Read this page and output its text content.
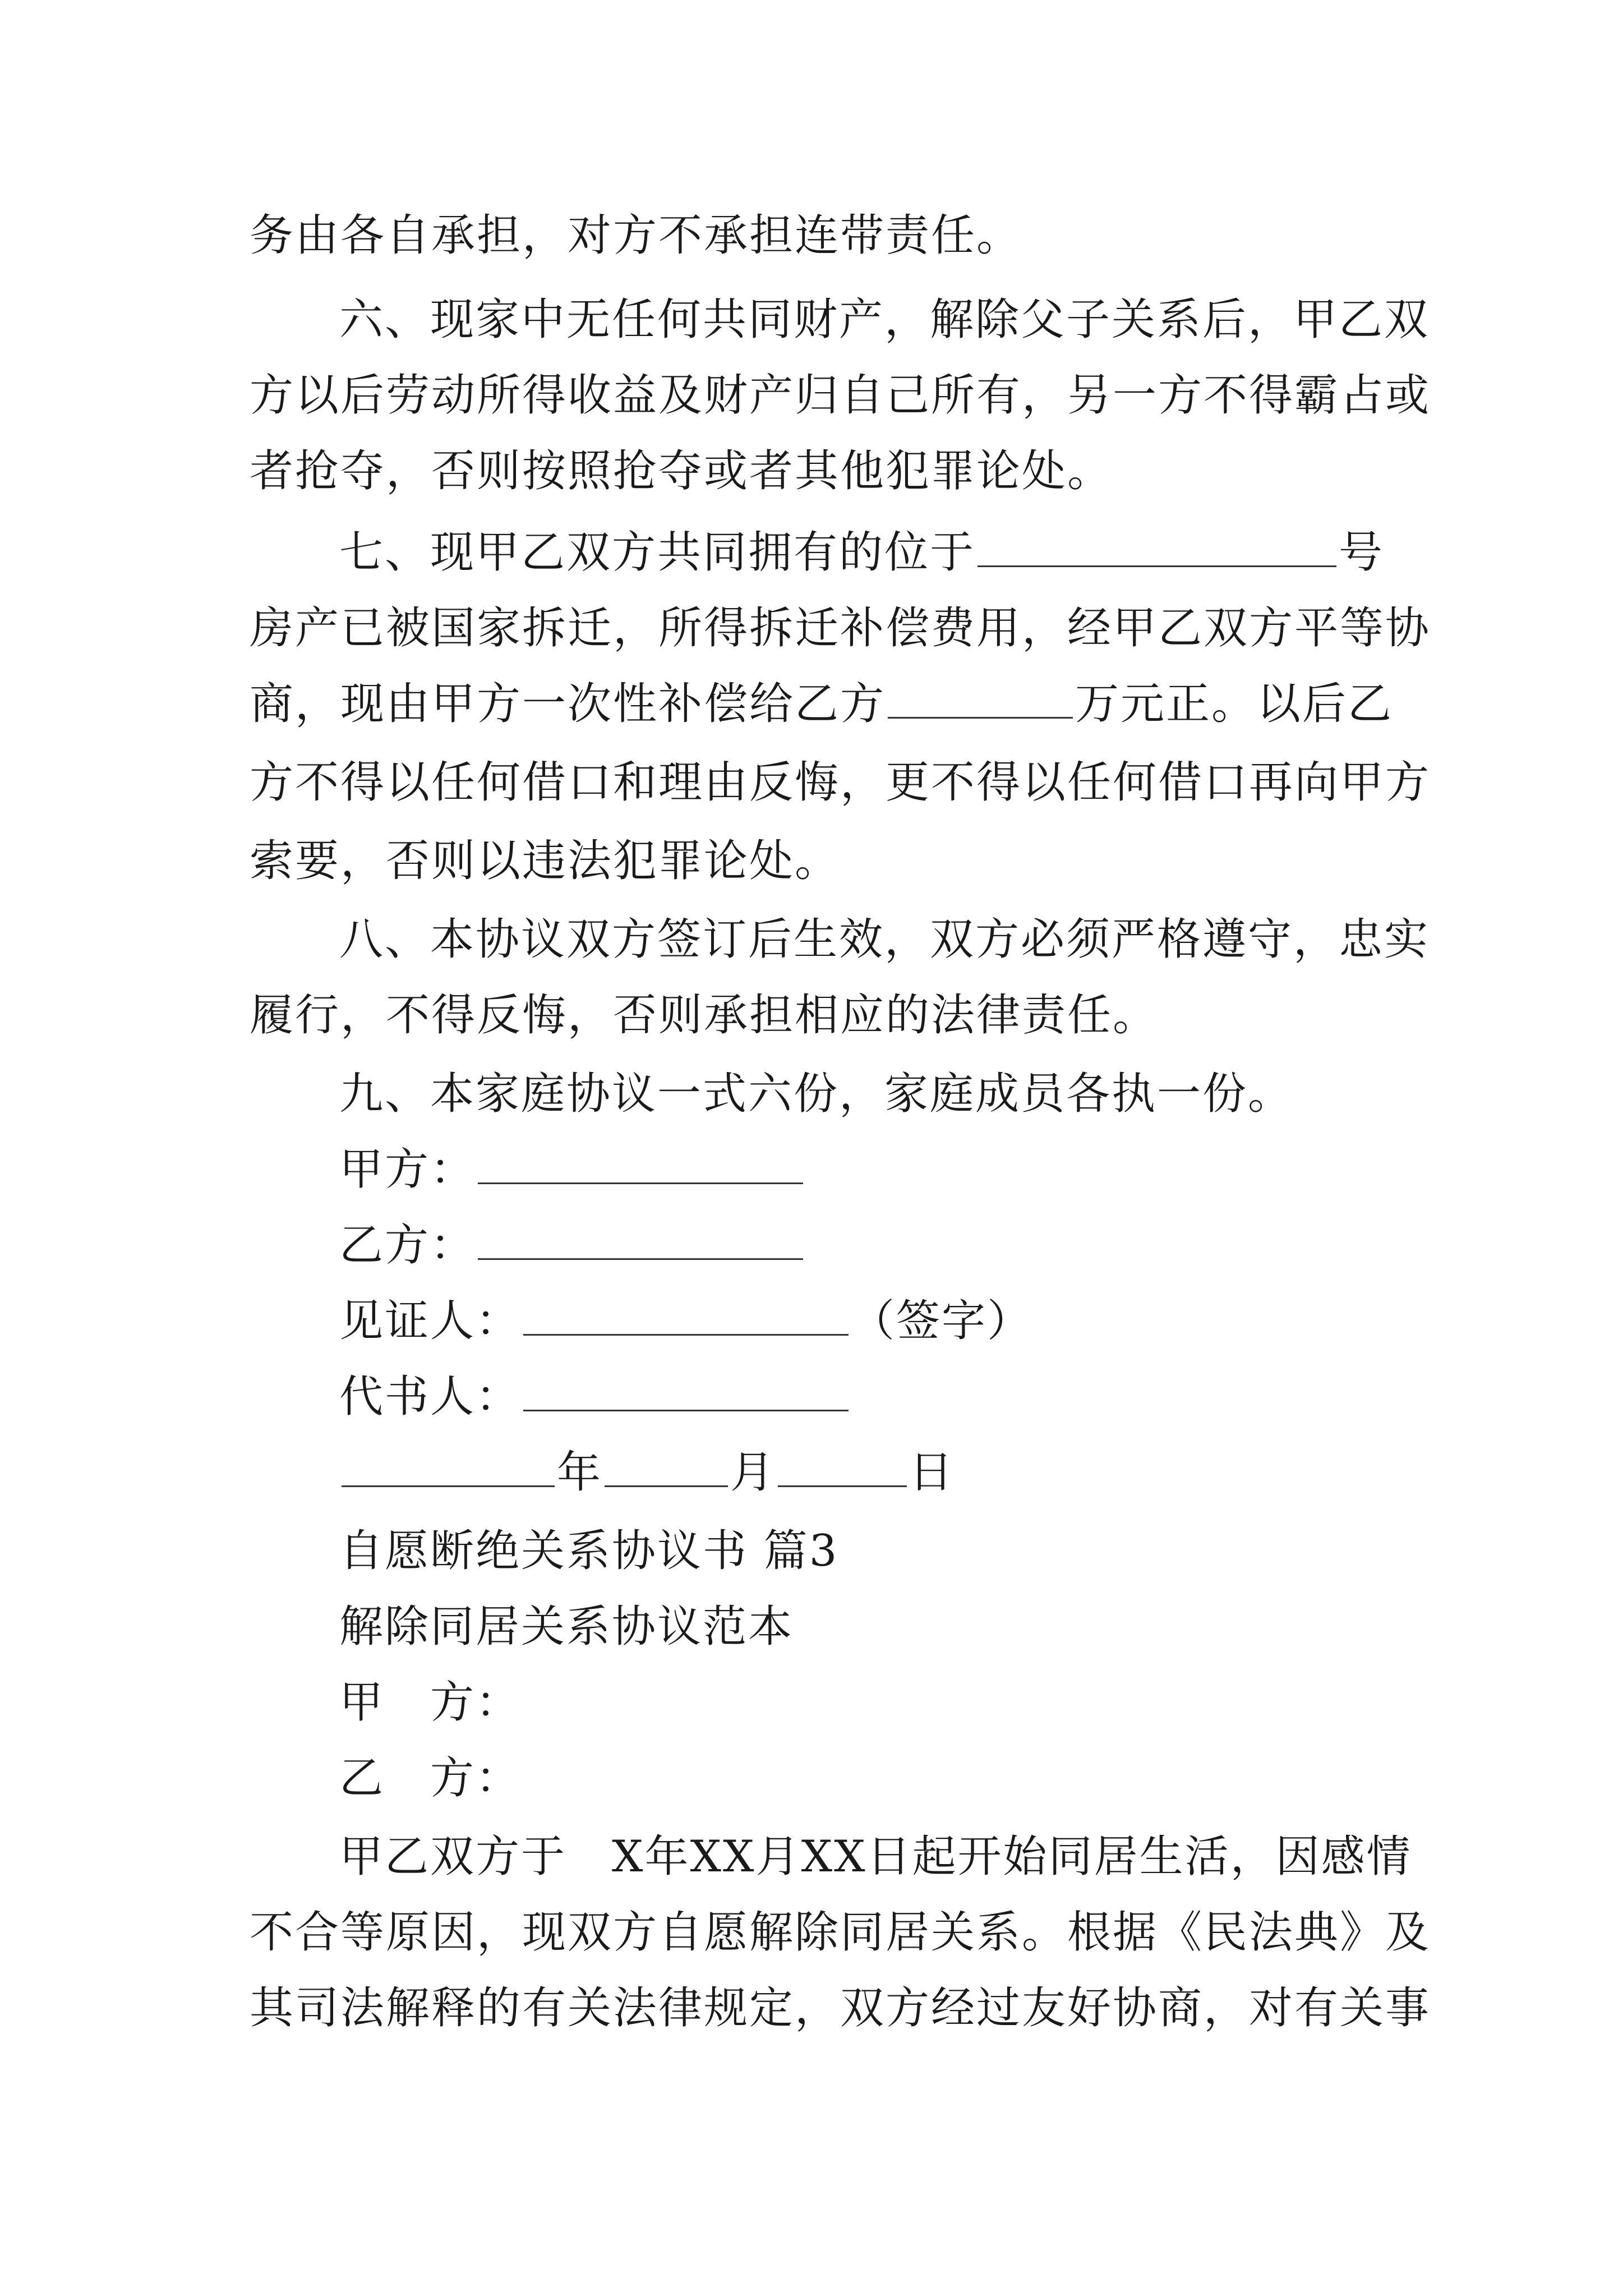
务由各自承担，对方不承担连带责任。
六、现家中无任何共同财产，解除父子关系后，甲乙双
方以后劳动所得收益及财产归自己所有，另一方不得霸占或
者抢夺，否则按照抢夺或者其他犯罪论处。
七、现甲乙双方共同拥有的位于	号
房产已被国家拆迁，所得拆迁补偿费用，经甲乙双方平等协
商，现由甲方一次性补偿给乙方	万元正。以后乙
方不得以任何借口和理由反悔，更不得以任何借口再向甲方
索要，否则以违法犯罪论处。
八、本协议双方签订后生效，双方必须严格遵守，忠实
履行，不得反悔，否则承担相应的法律责任。
九、本家庭协议一式六份，家庭成员各执一份。
甲方：
乙方：
见证人：	（签字）
代书人：
年	月	日
自愿断绝关系协议书 篇3
解除同居关系协议范本
甲　方：
乙　方：
甲乙双方于　X年XX月XX日起开始同居生活，因感情
不合等原因，现双方自愿解除同居关系。根据《民法典》及
其司法解释的有关法律规定，双方经过友好协商，对有关事
